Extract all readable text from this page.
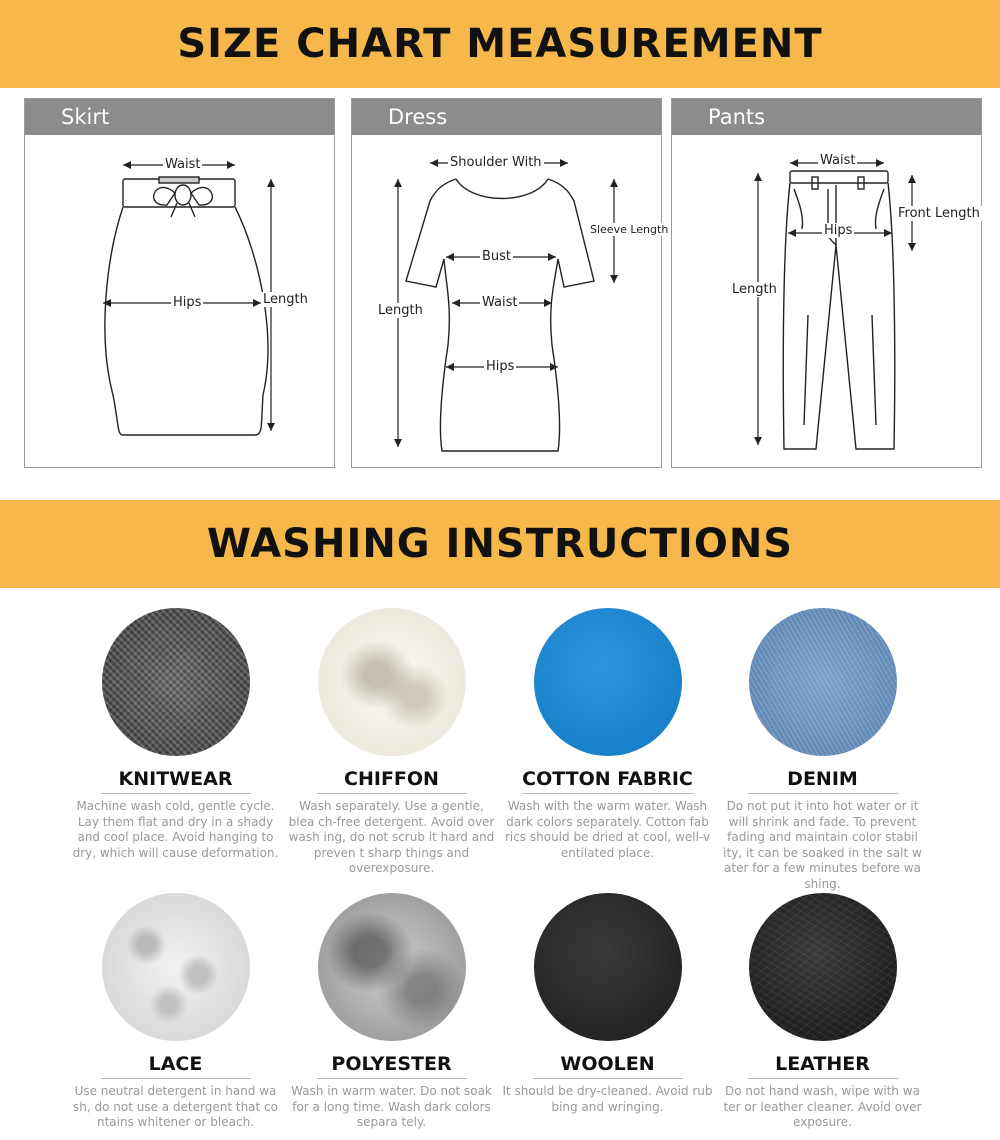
SIZE CHART MEASUREMENT
Skirt
Waist
Hips	Length
Dress
Shoulder With
Sleeve Length
Bust
Waist
Hips
Length
Pants
Waist
Hips
Front Length
Length
WASHING INSTRUCTIONS
KNITWEAR
Machine wash cold, gentle cycle. Lay them flat and dry in a shady and cool place. Avoid hanging to dry, which will cause deformation.
CHIFFON
Wash separately. Use a gentle, blea ch-free detergent. Avoid over wash ing, do not scrub it hard and preven t sharp things and overexposure.
COTTON FABRIC
Wash with the warm water. Wash dark colors separately. Cotton fab rics should be dried at cool, well-v entilated place.
DENIM
Do not put it into hot water or it will shrink and fade. To prevent fading and maintain color stabil ity, it can be soaked in the salt w ater for a few minutes before wa shing.
LACE
Use neutral detergent in hand wa sh, do not use a detergent that co ntains whitener or bleach.
POLYESTER
Wash in warm water. Do not soak for a long time. Wash dark colors separa tely.
WOOLEN
It should be dry-cleaned. Avoid rub bing and wringing.
LEATHER
Do not hand wash, wipe with wa ter or leather cleaner. Avoid over exposure.
